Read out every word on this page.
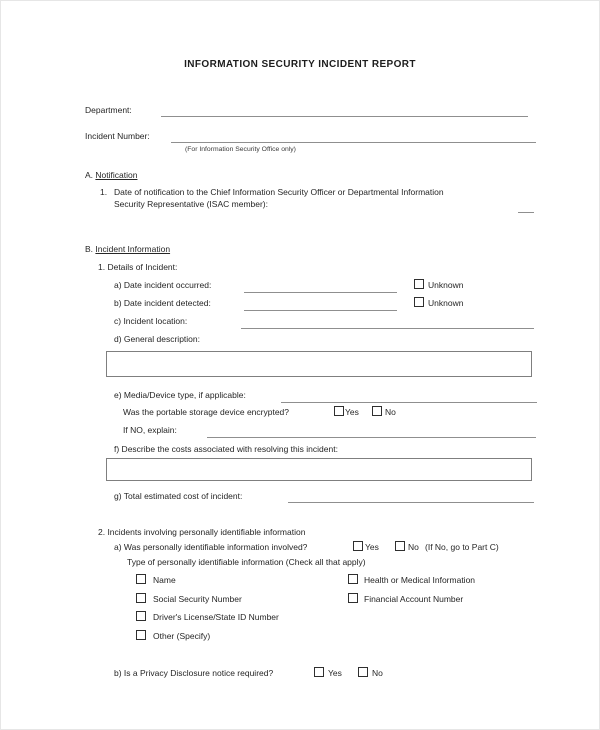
INFORMATION SECURITY INCIDENT REPORT
Department:
Incident Number:
(For Information Security Office only)
A. Notification
1. Date of notification to the Chief Information Security Officer or Departmental Information
Security Representative (ISAC member):
B. Incident Information
1. Details of Incident:
a) Date incident occurred:	Unknown
b) Date incident detected:	Unknown
c) Incident location:
d) General description:
e) Media/Device type, if applicable:
Was the portable storage device encrypted?	Yes	No
If NO, explain:
f) Describe the costs associated with resolving this incident:
g) Total estimated cost of incident:
2. Incidents involving personally identifiable information
a) Was personally identifiable information involved?	Yes	No (If No, go to Part C)
Type of personally identifiable information (Check all that apply)
Name	Health or Medical Information
Social Security Number	Financial Account Number
Driver's License/State ID Number
Other (Specify)
b) Is a Privacy Disclosure notice required?	Yes	No
